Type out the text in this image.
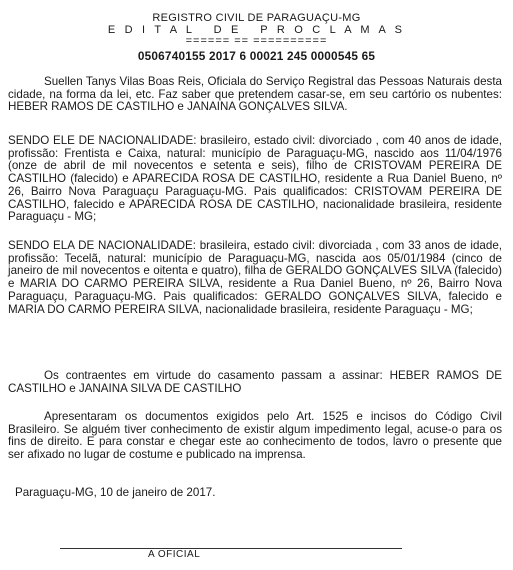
REGISTRO CIVIL DE PARAGUAÇU-MG
E D I T A L   D E   P R O C L A M A S
====== == ==========
0506740155 2017 6 00021 245 0000545 65

Suellen Tanys Vilas Boas Reis, Oficiala do Serviço Registral das Pessoas Naturais desta cidade, na forma da lei, etc. Faz saber que pretendem casar-se, em seu cartório os nubentes: HEBER RAMOS DE CASTILHO e JANAINA GONÇALVES SILVA.

SENDO ELE DE NACIONALIDADE: brasileiro, estado civil: divorciado , com 40 anos de idade, profissão: Frentista e Caixa, natural: município de Paraguaçu-MG, nascido aos 11/04/1976 (onze de abril de mil novecentos e setenta e seis), filho de CRISTOVAM PEREIRA DE CASTILHO (falecido) e APARECIDA ROSA DE CASTILHO, residente a Rua Daniel Bueno, nº 26, Bairro Nova Paraguaçu Paraguaçu-MG. Pais qualificados: CRISTOVAM PEREIRA DE CASTILHO, falecido e APARECIDA ROSA DE CASTILHO, nacionalidade brasileira, residente Paraguaçu - MG;

SENDO ELA DE NACIONALIDADE: brasileira, estado civil: divorciada , com 33 anos de idade, profissão: Tecelã, natural: município de Paraguaçu-MG, nascida aos 05/01/1984 (cinco de janeiro de mil novecentos e oitenta e quatro), filha de GERALDO GONÇALVES SILVA (falecido) e MARIA DO CARMO PEREIRA SILVA, residente a Rua Daniel Bueno, nº 26, Bairro Nova Paraguaçu, Paraguaçu-MG. Pais qualificados: GERALDO GONÇALVES SILVA, falecido e MARIA DO CARMO PEREIRA SILVA, nacionalidade brasileira, residente Paraguaçu - MG;

Os contraentes em virtude do casamento passam a assinar: HEBER RAMOS DE CASTILHO e JANAINA SILVA DE CASTILHO

Apresentaram os documentos exigidos pelo Art. 1525 e incisos do Código Civil Brasileiro. Se alguém tiver conhecimento de existir algum impedimento legal, acuse-o para os fins de direito. E para constar e chegar este ao conhecimento de todos, lavro o presente que ser afixado no lugar de costume e publicado na imprensa.

Paraguaçu-MG, 10 de janeiro de 2017.
A OFICIAL
